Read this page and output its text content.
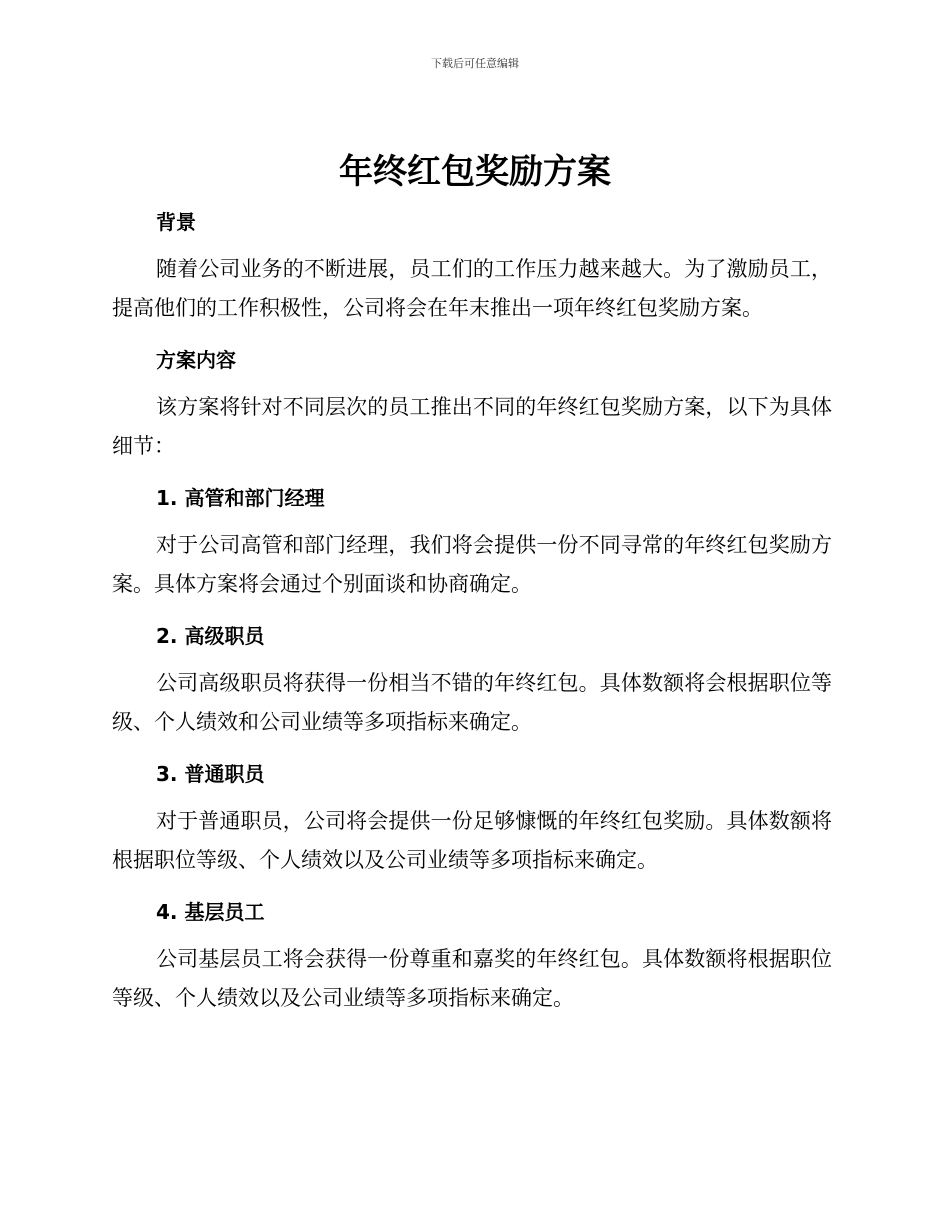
下载后可任意编辑
年终红包奖励方案
背景

随着公司业务的不断进展，员工们的工作压力越来越大。为了激励员工，提高他们的工作积极性，公司将会在年末推出一项年终红包奖励方案。

方案内容

该方案将针对不同层次的员工推出不同的年终红包奖励方案，以下为具体细节：

1. 高管和部门经理

对于公司高管和部门经理，我们将会提供一份不同寻常的年终红包奖励方案。具体方案将会通过个别面谈和协商确定。

2. 高级职员

公司高级职员将获得一份相当不错的年终红包。具体数额将会根据职位等级、个人绩效和公司业绩等多项指标来确定。

3. 普通职员

对于普通职员，公司将会提供一份足够慷慨的年终红包奖励。具体数额将根据职位等级、个人绩效以及公司业绩等多项指标来确定。

4. 基层员工

公司基层员工将会获得一份尊重和嘉奖的年终红包。具体数额将根据职位等级、个人绩效以及公司业绩等多项指标来确定。
